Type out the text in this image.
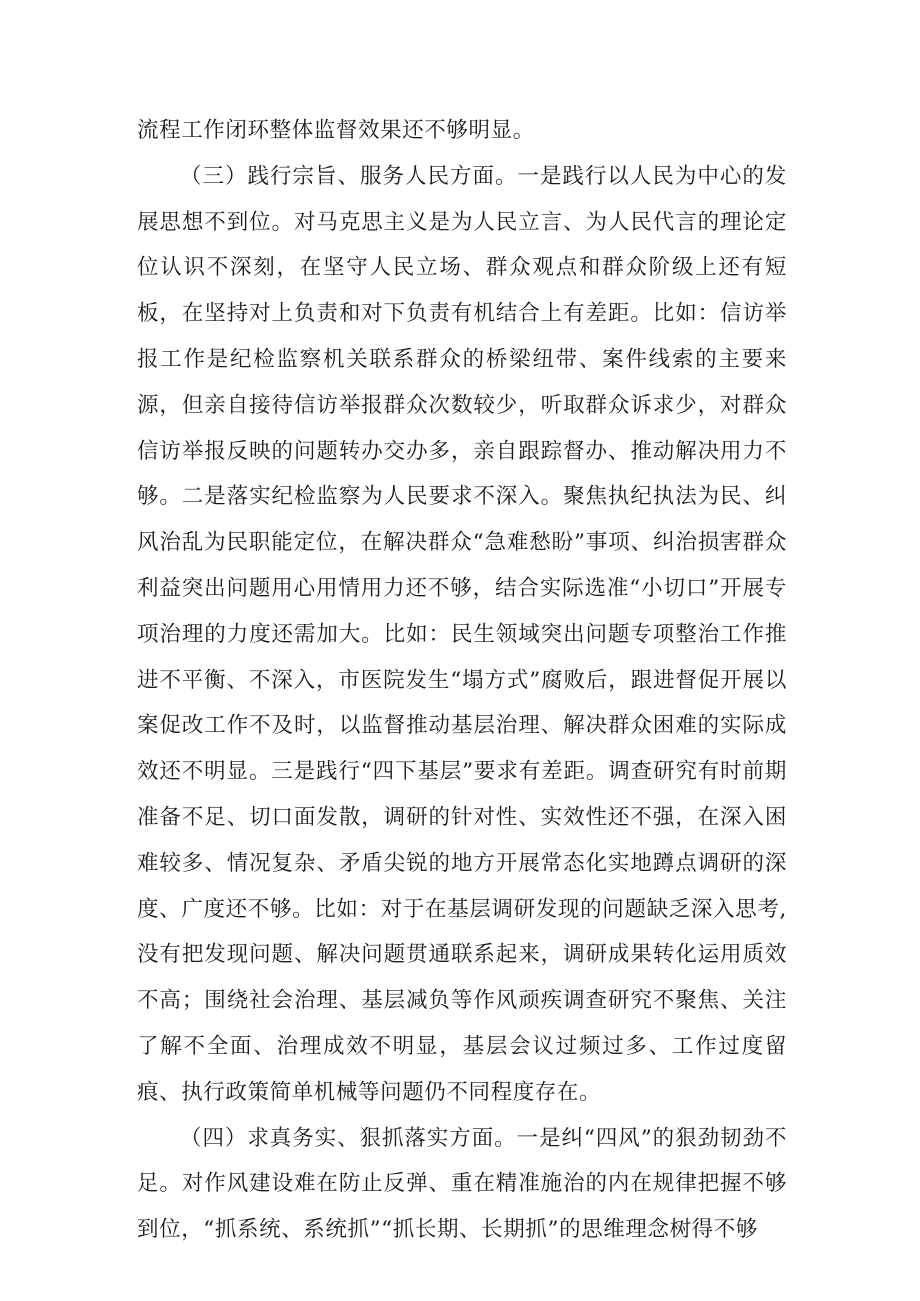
流程工作闭环整体监督效果还不够明显。

（三）践行宗旨、服务人民方面。一是践行以人民为中心的发展思想不到位。对马克思主义是为人民立言、为人民代言的理论定位认识不深刻，在坚守人民立场、群众观点和群众阶级上还有短板，在坚持对上负责和对下负责有机结合上有差距。比如：信访举报工作是纪检监察机关联系群众的桥梁纽带、案件线索的主要来源，但亲自接待信访举报群众次数较少，听取群众诉求少，对群众信访举报反映的问题转办交办多，亲自跟踪督办、推动解决用力不够。二是落实纪检监察为人民要求不深入。聚焦执纪执法为民、纠风治乱为民职能定位，在解决群众“急难愁盼”事项、纠治损害群众利益突出问题用心用情用力还不够，结合实际选准“小切口”开展专项治理的力度还需加大。比如：民生领域突出问题专项整治工作推进不平衡、不深入，市医院发生“塌方式”腐败后，跟进督促开展以案促改工作不及时，以监督推动基层治理、解决群众困难的实际成效还不明显。三是践行“四下基层”要求有差距。调查研究有时前期准备不足、切口面发散，调研的针对性、实效性还不强，在深入困难较多、情况复杂、矛盾尖锐的地方开展常态化实地蹲点调研的深度、广度还不够。比如：对于在基层调研发现的问题缺乏深入思考,没有把发现问题、解决问题贯通联系起来，调研成果转化运用质效不高；围绕社会治理、基层减负等作风顽疾调查研究不聚焦、关注了解不全面、治理成效不明显，基层会议过频过多、工作过度留痕、执行政策简单机械等问题仍不同程度存在。

（四）求真务实、狠抓落实方面。一是纠“四风”的狠劲韧劲不足。对作风建设难在防止反弹、重在精准施治的内在规律把握不够到位，“抓系统、系统抓”“抓长期、长期抓”的思维理念树得不够
